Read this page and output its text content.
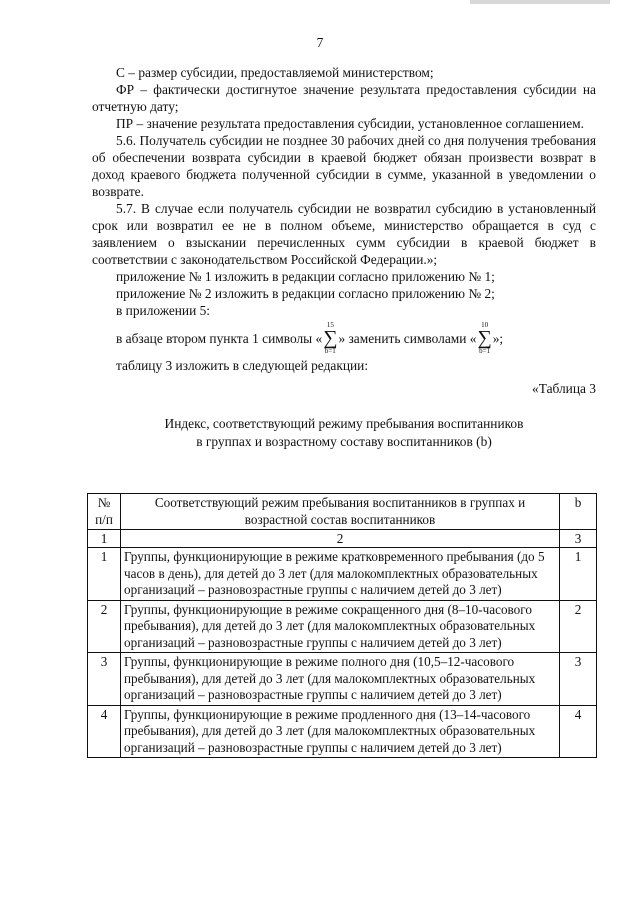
7

С – размер субсидии, предоставляемой министерством;

ФР – фактически достигнутое значение результата предоставления субсидии на отчетную дату;

ПР – значение результата предоставления субсидии, установленное соглашением.

5.6. Получатель субсидии не позднее 30 рабочих дней со дня получения требования об обеспечении возврата субсидии в краевой бюджет обязан произвести возврат в доход краевого бюджета полученной субсидии в сумме, указанной в уведомлении о возврате.

5.7. В случае если получатель субсидии не возвратил субсидию в установленный срок или возвратил ее не в полном объеме, министерство обращается в суд с заявлением о взыскании перечисленных сумм субсидии в краевой бюджет в соответствии с законодательством Российской Федерации.»;

приложение № 1 изложить в редакции согласно приложению № 1;

приложение № 2 изложить в редакции согласно приложению № 2;

в приложении 5:

в абзаце втором пункта 1 символы «
15
∑
b=1
» заменить символами «
10
∑
b=1
»;

таблицу 3 изложить в следующей редакции:

«Таблица 3

Индекс, соответствующий режиму пребывания воспитанников

в группах и возрастному составу воспитанников (b)

№ п/п	Соответствующий режим пребывания воспитанников в группах и возрастной состав воспитанников	b
1	2	3
1	Группы, функционирующие в режиме кратковременного пребывания (до 5 часов в день), для детей до 3 лет (для малокомплектных образовательных организаций – разновозрастные группы с наличием детей до 3 лет)	1
2	Группы, функционирующие в режиме сокращенного дня (8–10-часового пребывания), для детей до 3 лет (для малокомплектных образовательных организаций – разновозрастные группы с наличием детей до 3 лет)	2
3	Группы, функционирующие в режиме полного дня (10,5–12-часового пребывания), для детей до 3 лет (для малокомплектных образовательных организаций – разновозрастные группы с наличием детей до 3 лет)	3
4	Группы, функционирующие в режиме продленного дня (13–14-часового пребывания), для детей до 3 лет (для малокомплектных образовательных организаций – разновозрастные группы с наличием детей до 3 лет)	4
